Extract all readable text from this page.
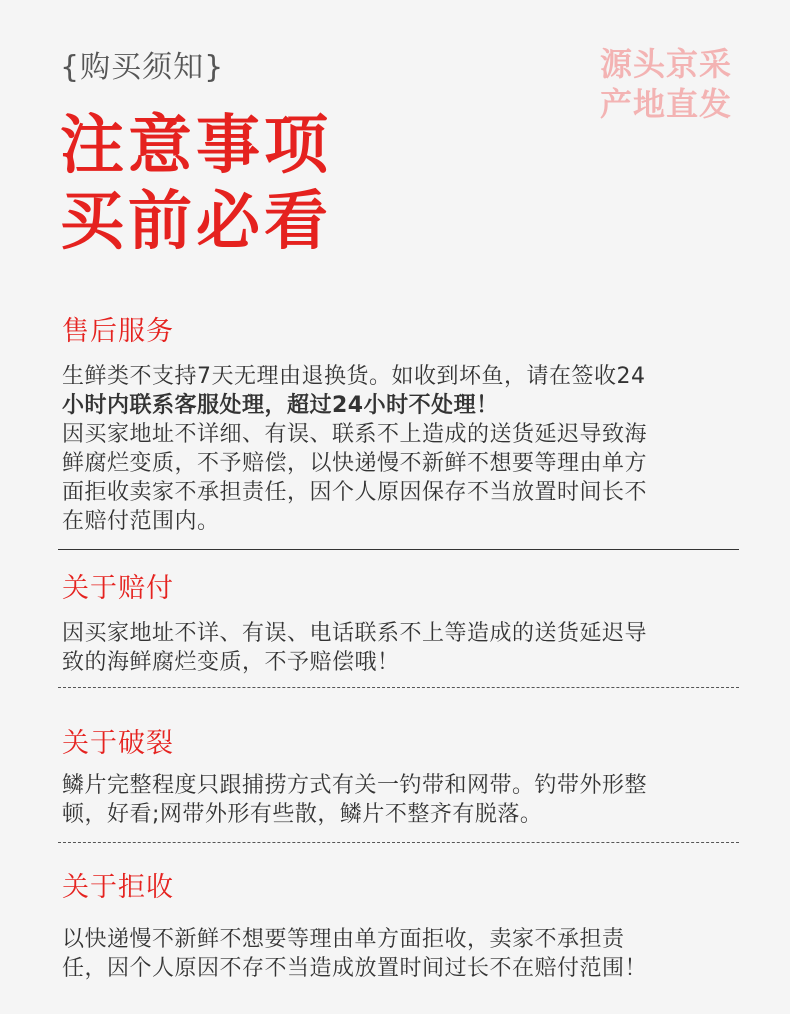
{购买须知}	源头京采
产地直发
注意事项
买前必看
售后服务

生鲜类不支持7天无理由退换货。如收到坏鱼，请在签收24

小时内联系客服处理，超过24小时不处理！

因买家地址不详细、有误、联系不上造成的送货延迟导致海

鲜腐烂变质，不予赔偿，以快递慢不新鲜不想要等理由单方

面拒收卖家不承担责任，因个人原因保存不当放置时间长不

在赔付范围内。

关于赔付

因买家地址不详、有误、电话联系不上等造成的送货延迟导

致的海鲜腐烂变质，不予赔偿哦！

关于破裂

鳞片完整程度只跟捕捞方式有关一钓带和网带。钓带外形整

顿，好看;网带外形有些散，鳞片不整齐有脱落。

关于拒收

以快递慢不新鲜不想要等理由单方面拒收，卖家不承担责

任，因个人原因不存不当造成放置时间过长不在赔付范围！
